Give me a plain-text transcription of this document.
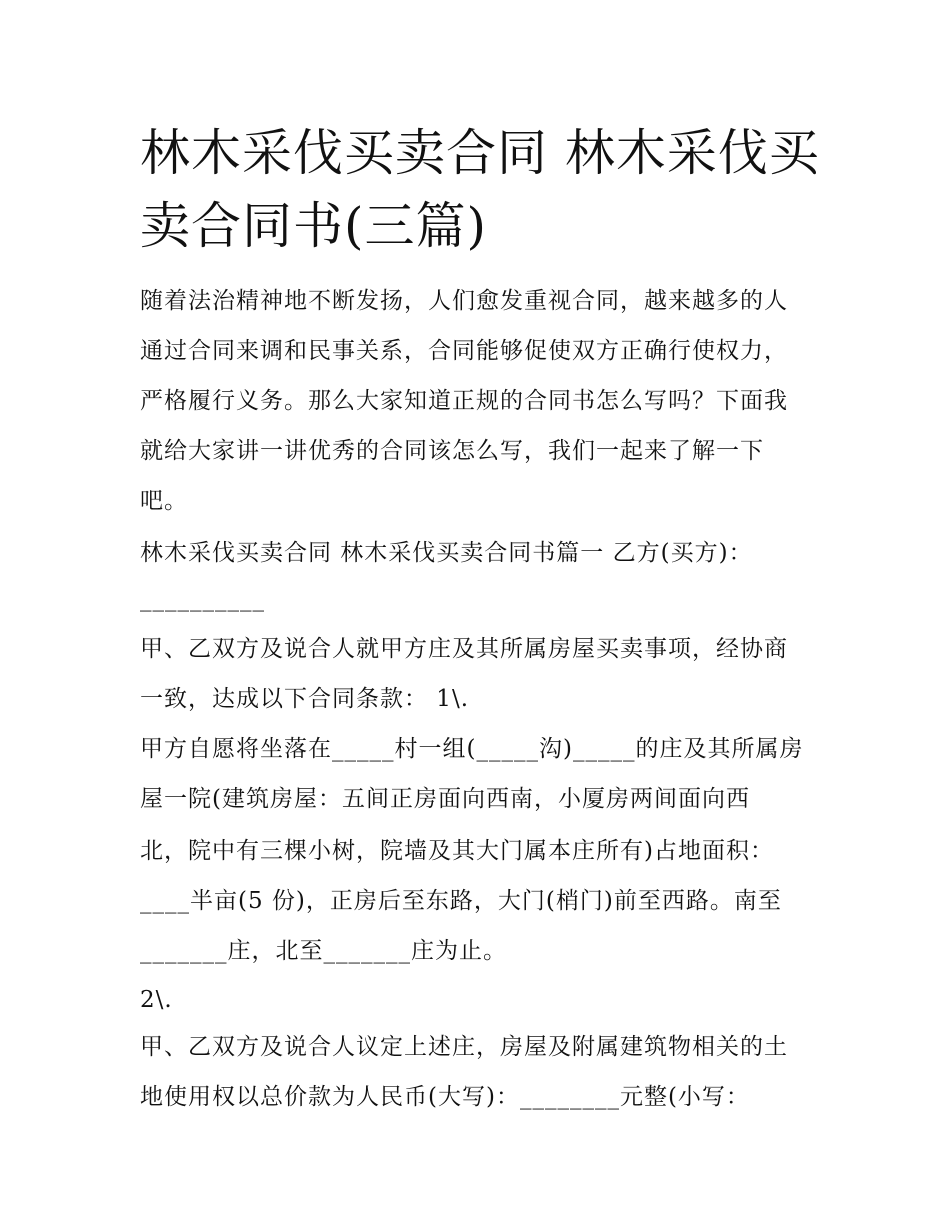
林木采伐买卖合同 林木采伐买
卖合同书(三篇)
随着法治精神地不断发扬，人们愈发重视合同，越来越多的人
通过合同来调和民事关系，合同能够促使双方正确行使权力，
严格履行义务。那么大家知道正规的合同书怎么写吗？下面我
就给大家讲一讲优秀的合同该怎么写，我们一起来了解一下
吧。
林木采伐买卖合同 林木采伐买卖合同书篇一 乙方(买方)：
__________
甲、乙双方及说合人就甲方庄及其所属房屋买卖事项，经协商
一致，达成以下合同条款： 1\.
甲方自愿将坐落在_____村一组(_____沟)_____的庄及其所属房
屋一院(建筑房屋：五间正房面向西南，小厦房两间面向西
北，院中有三棵小树，院墙及其大门属本庄所有)占地面积：
____半亩(5 份)，正房后至东路，大门(梢门)前至西路。南至
_______庄，北至_______庄为止。
2\.
甲、乙双方及说合人议定上述庄，房屋及附属建筑物相关的土
地使用权以总价款为人民币(大写)：________元整(小写：
